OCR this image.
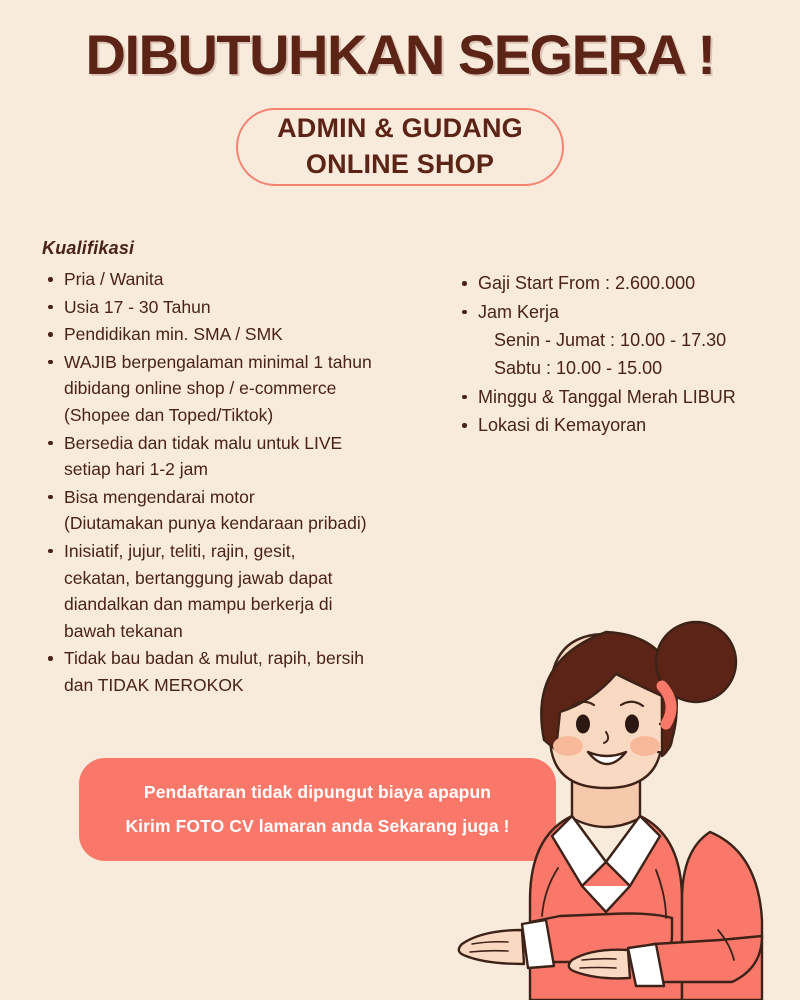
DIBUTUHKAN SEGERA !
ADMIN & GUDANG
ONLINE SHOP
Kualifikasi
Pria / Wanita
Usia 17 - 30 Tahun
Pendidikan min. SMA / SMK
WAJIB berpengalaman minimal 1 tahun
dibidang online shop / e-commerce
(Shopee dan Toped/Tiktok)
Bersedia dan tidak malu untuk LIVE
setiap hari 1-2 jam
Bisa mengendarai motor
(Diutamakan punya kendaraan pribadi)
Inisiatif, jujur, teliti, rajin, gesit,
cekatan, bertanggung jawab dapat
diandalkan dan mampu berkerja di
bawah tekanan
Tidak bau badan & mulut, rapih, bersih
dan TIDAK MEROKOK
Gaji Start From : 2.600.000
Jam Kerja
Senin - Jumat : 10.00 - 17.30
Sabtu : 10.00 - 15.00
Minggu & Tanggal Merah LIBUR
Lokasi di Kemayoran
Pendaftaran tidak dipungut biaya apapun
Kirim FOTO CV lamaran anda Sekarang juga !
